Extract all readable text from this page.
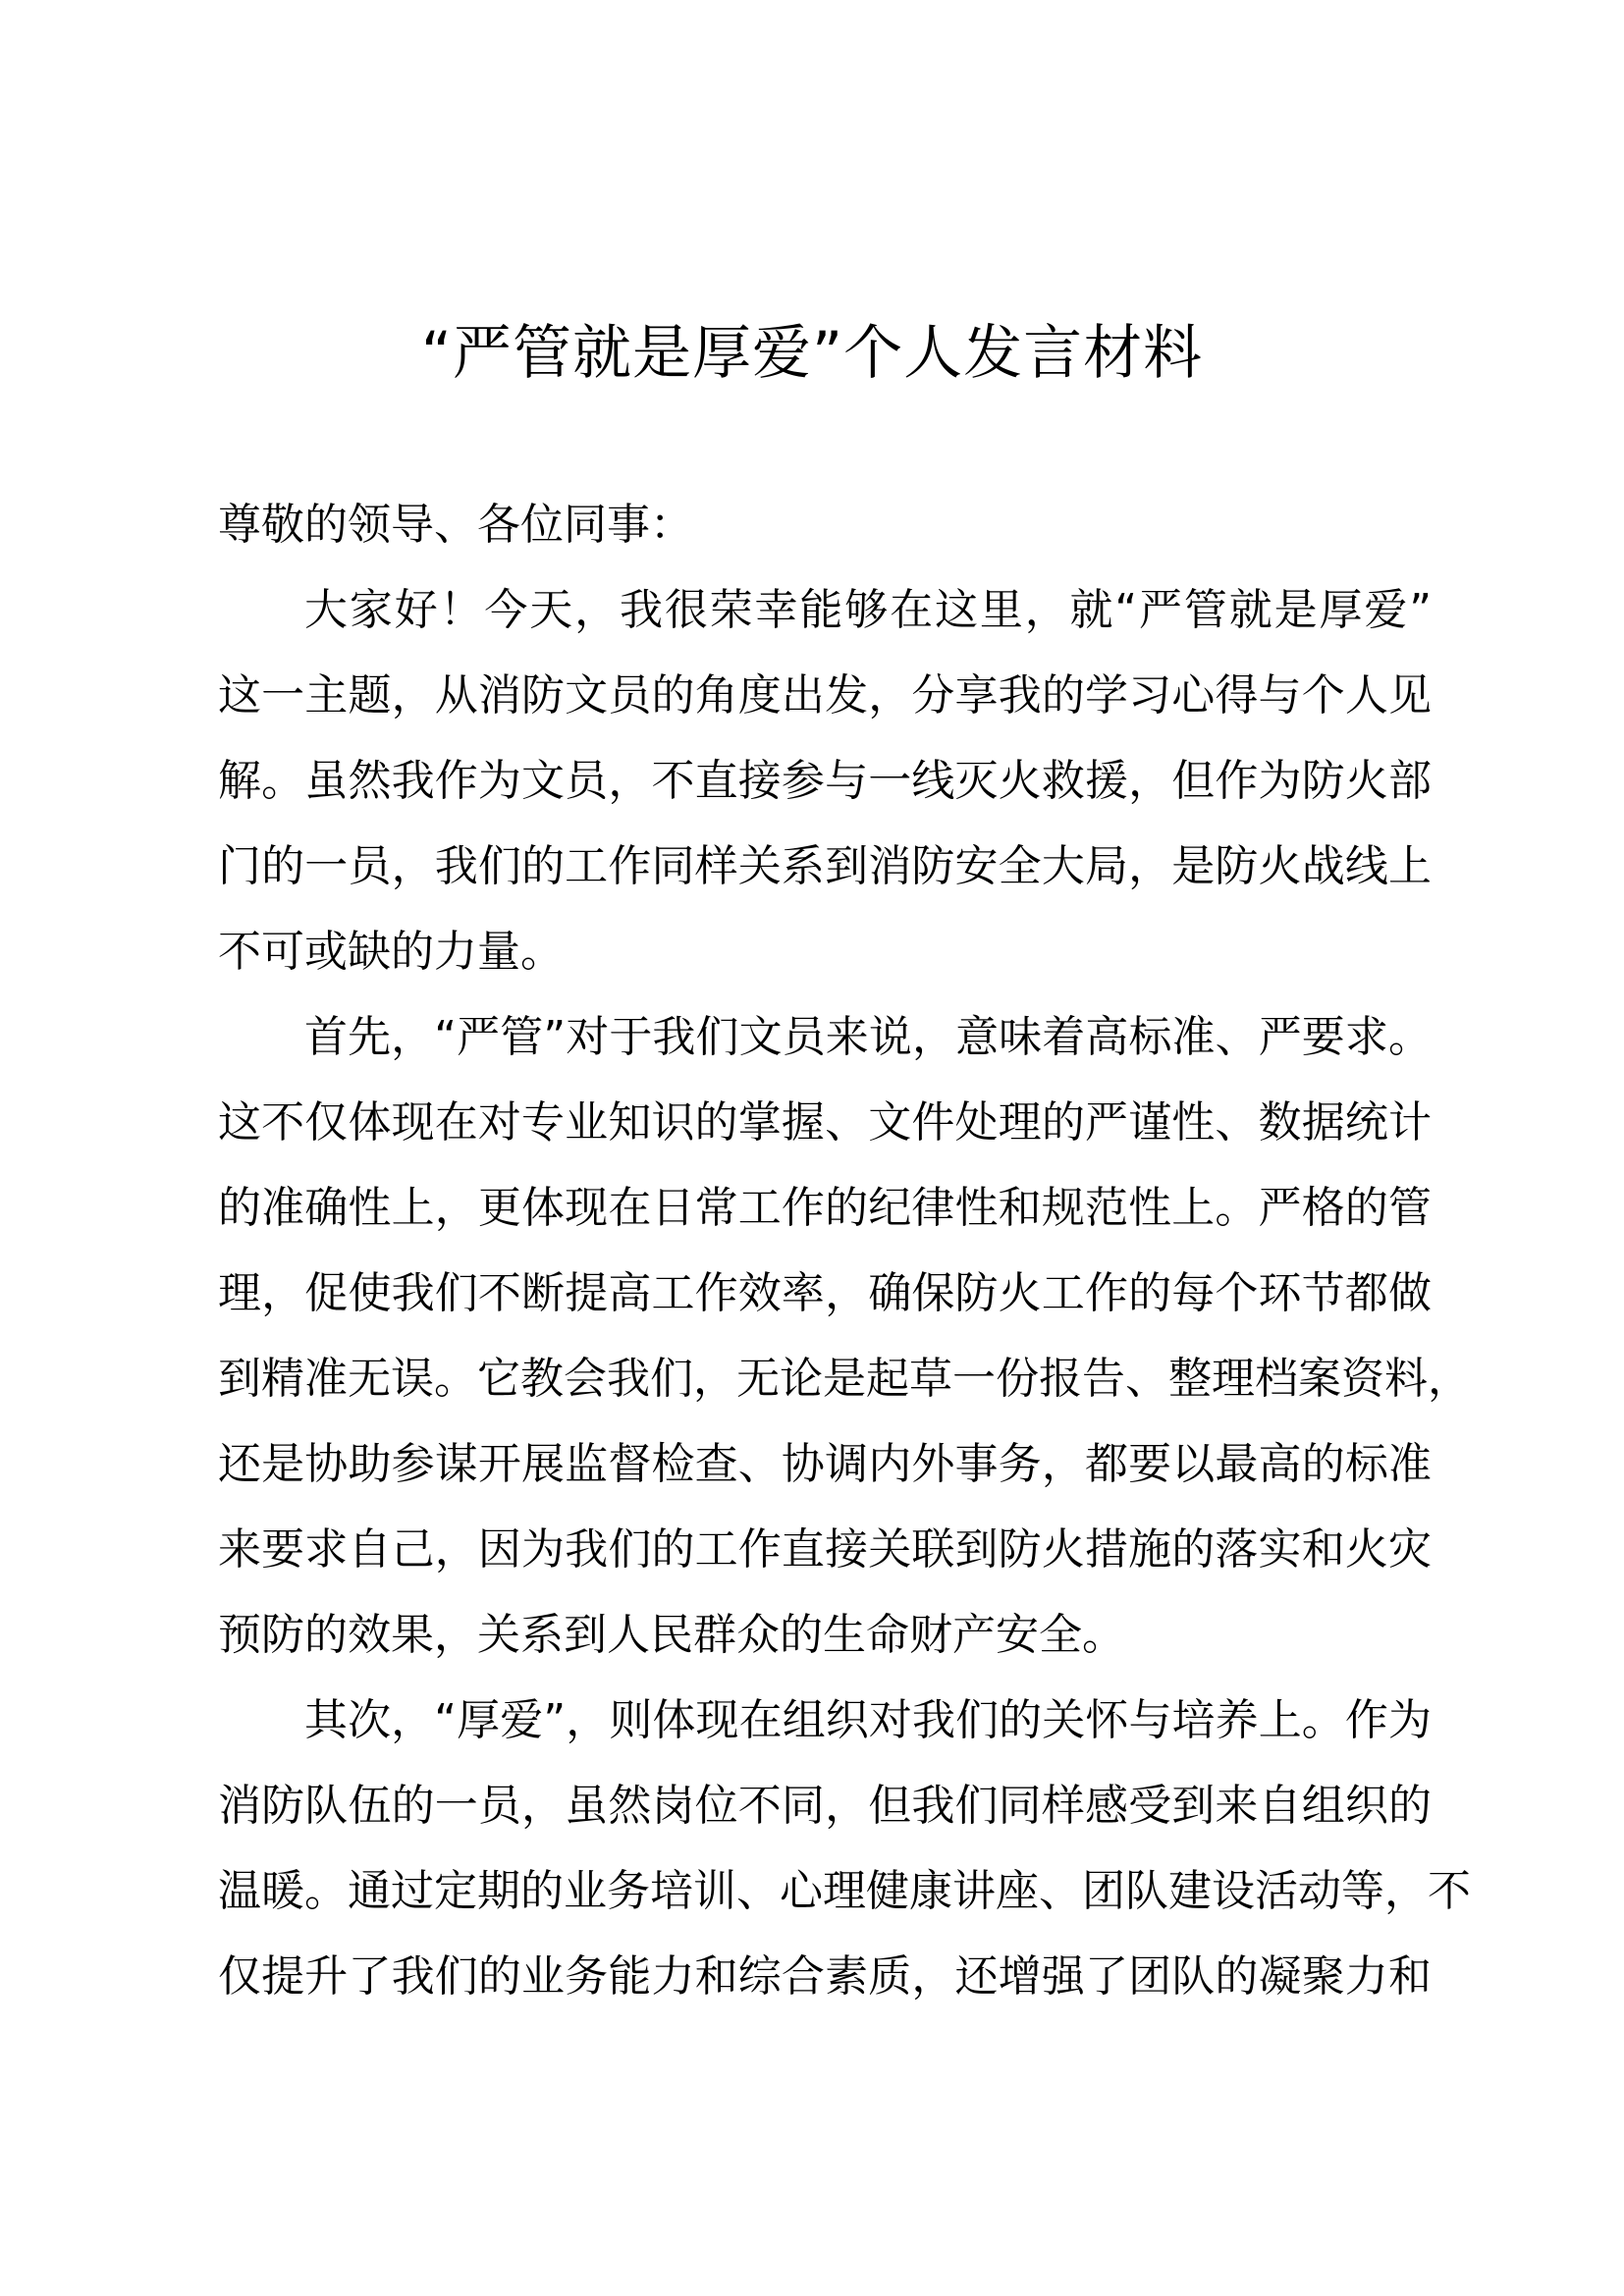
“严管就是厚爱”个人发言材料
尊敬的领导、各位同事：
大家好！今天，我很荣幸能够在这里，就“严管就是厚爱”
这一主题，从消防文员的角度出发，分享我的学习心得与个人见
解。虽然我作为文员，不直接参与一线灭火救援，但作为防火部
门的一员，我们的工作同样关系到消防安全大局，是防火战线上
不可或缺的力量。
首先，“严管”对于我们文员来说，意味着高标准、严要求。
这不仅体现在对专业知识的掌握、文件处理的严谨性、数据统计
的准确性上，更体现在日常工作的纪律性和规范性上。严格的管
理，促使我们不断提高工作效率，确保防火工作的每个环节都做
到精准无误。它教会我们，无论是起草一份报告、整理档案资料，
还是协助参谋开展监督检查、协调内外事务，都要以最高的标准
来要求自己，因为我们的工作直接关联到防火措施的落实和火灾
预防的效果，关系到人民群众的生命财产安全。
其次，“厚爱”，则体现在组织对我们的关怀与培养上。作为
消防队伍的一员，虽然岗位不同，但我们同样感受到来自组织的
温暖。通过定期的业务培训、心理健康讲座、团队建设活动等，不
仅提升了我们的业务能力和综合素质，还增强了团队的凝聚力和
